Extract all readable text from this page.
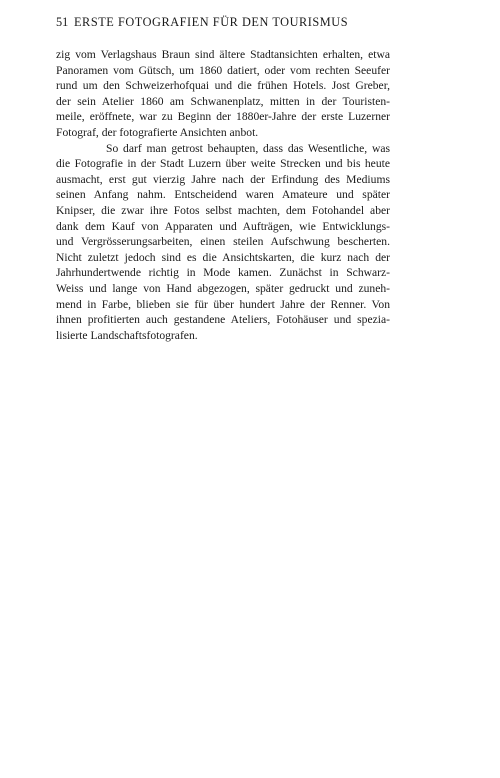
51 ERSTE FOTOGRAFIEN FÜR DEN TOURISMUS
zig vom Verlagshaus Braun sind ältere Stadtansichten erhalten, etwa
Panoramen vom Gütsch, um 1860 datiert, oder vom rechten Seeufer
rund um den Schweizerhofquai und die frühen Hotels. Jost Greber,
der sein Atelier 1860 am Schwanenplatz, mitten in der Touristen-
meile, eröffnete, war zu Beginn der 1880er-Jahre der erste Luzerner
Fotograf, der fotografierte Ansichten anbot.
So darf man getrost behaupten, dass das Wesentliche, was
die Fotografie in der Stadt Luzern über weite Strecken und bis heute
ausmacht, erst gut vierzig Jahre nach der Erfindung des Mediums
seinen Anfang nahm. Entscheidend waren Amateure und später
Knipser, die zwar ihre Fotos selbst machten, dem Fotohandel aber
dank dem Kauf von Apparaten und Aufträgen, wie Entwicklungs-
und Vergrösserungsarbeiten, einen steilen Aufschwung bescherten.
Nicht zuletzt jedoch sind es die Ansichtskarten, die kurz nach der
Jahrhundertwende richtig in Mode kamen. Zunächst in Schwarz-
Weiss und lange von Hand abgezogen, später gedruckt und zuneh-
mend in Farbe, blieben sie für über hundert Jahre der Renner. Von
ihnen profitierten auch gestandene Ateliers, Fotohäuser und spezia-
lisierte Landschaftsfotografen.
